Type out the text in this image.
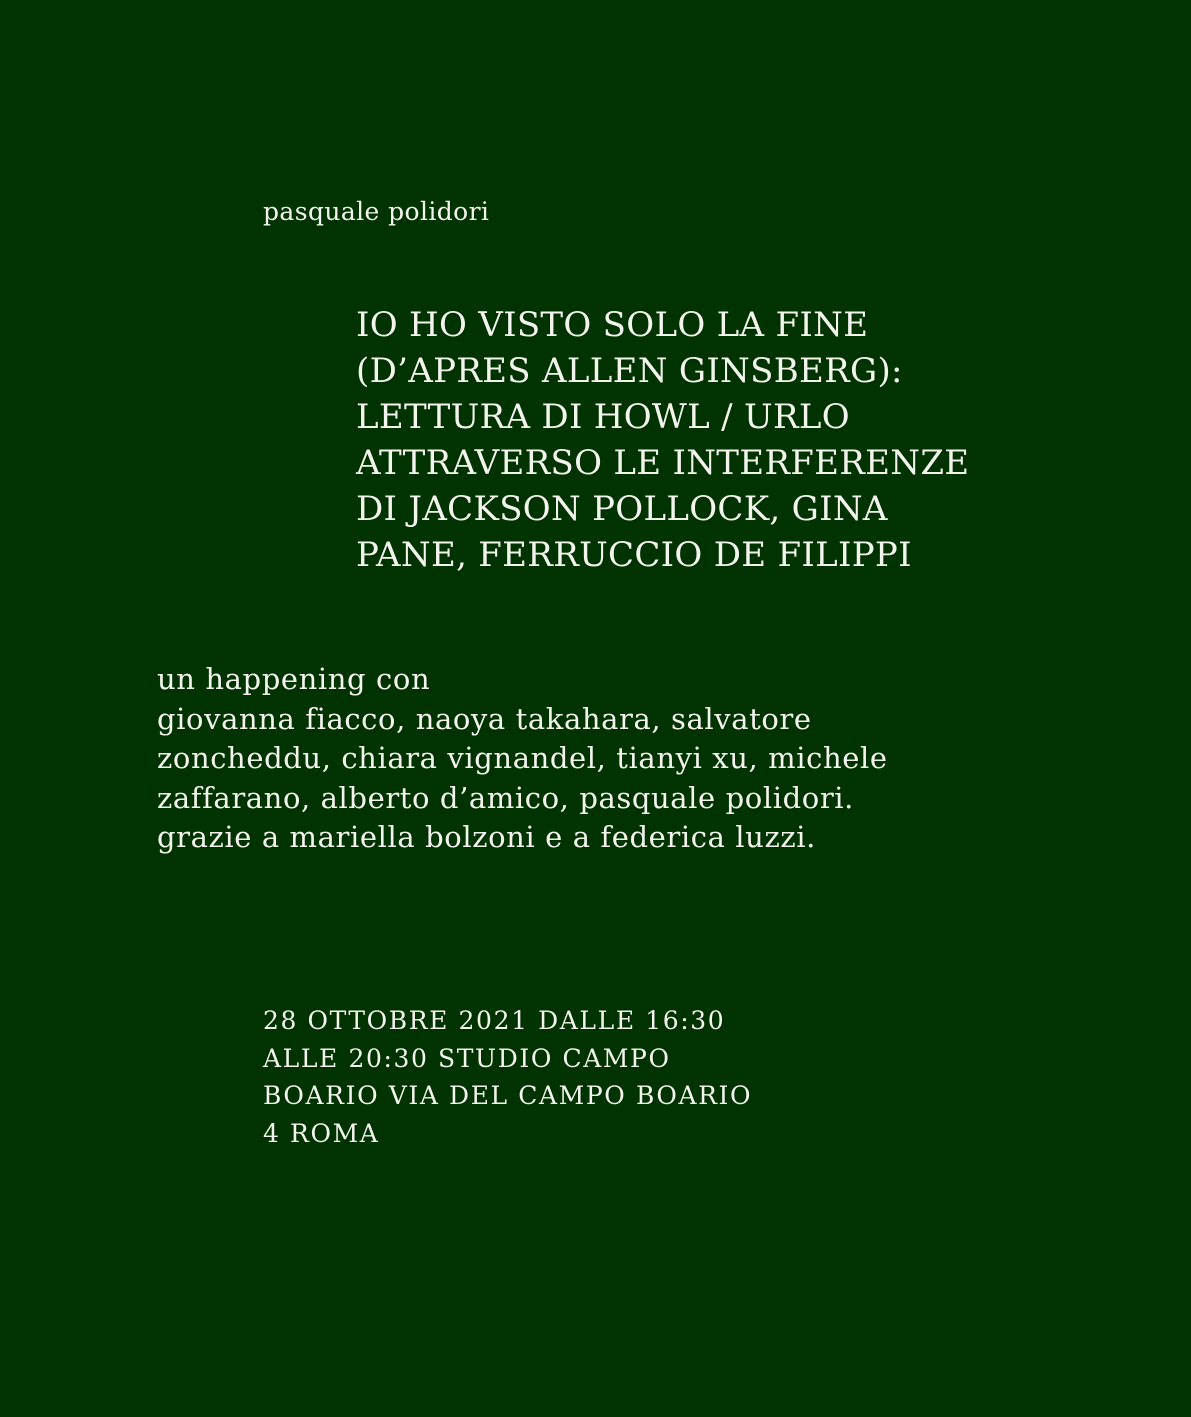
pasquale polidori

IO HO VISTO SOLO LA FINE
(D’APRES ALLEN GINSBERG):
LETTURA DI HOWL / URLO
ATTRAVERSO LE INTERFERENZE
DI JACKSON POLLOCK, GINA
PANE, FERRUCCIO DE FILIPPI
un happening con
giovanna fiacco, naoya takahara, salvatore
zoncheddu, chiara vignandel, tianyi xu, michele
zaffarano, alberto d’amico, pasquale polidori.
grazie a mariella bolzoni e a federica luzzi.
28 OTTOBRE 2021 DALLE 16:30
ALLE 20:30 STUDIO CAMPO
BOARIO VIA DEL CAMPO BOARIO
4 ROMA
